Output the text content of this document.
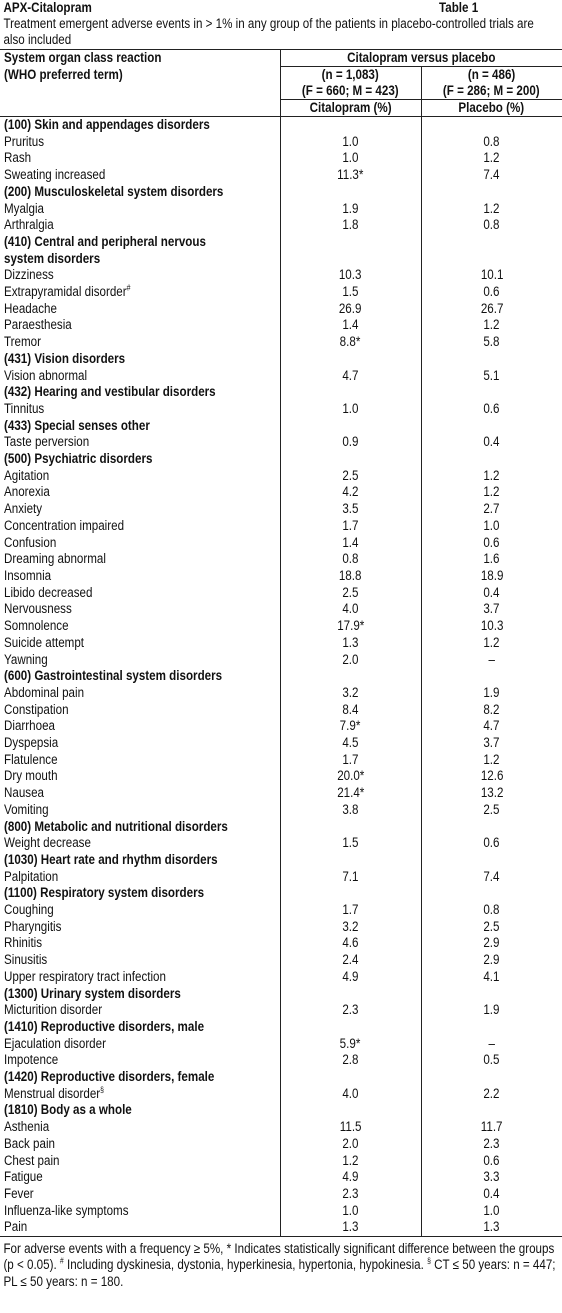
APX-Citalopram	Table 1
Treatment emergent adverse events in > 1% in any group of the patients in placebo-controlled trials are also included
System organ class reaction	Citalopram versus placebo	
(WHO preferred term)	(n = 1,083)	(n = 486)
	(F = 660; M = 423)	(F = 286; M = 200)
	Citalopram (%)	Placebo (%)
(100) Skin and appendages disorders		
Pruritus	1.0	0.8
Rash	1.0	1.2
Sweating increased	11.3*	7.4
(200) Musculoskeletal system disorders		
Myalgia	1.9	1.2
Arthralgia	1.8	0.8
(410) Central and peripheral nervous		
system disorders		
Dizziness	10.3	10.1
Extrapyramidal disorder#	1.5	0.6
Headache	26.9	26.7
Paraesthesia	1.4	1.2
Tremor	8.8*	5.8
(431) Vision disorders		
Vision abnormal	4.7	5.1
(432) Hearing and vestibular disorders		
Tinnitus	1.0	0.6
(433) Special senses other		
Taste perversion	0.9	0.4
(500) Psychiatric disorders		
Agitation	2.5	1.2
Anorexia	4.2	1.2
Anxiety	3.5	2.7
Concentration impaired	1.7	1.0
Confusion	1.4	0.6
Dreaming abnormal	0.8	1.6
Insomnia	18.8	18.9
Libido decreased	2.5	0.4
Nervousness	4.0	3.7
Somnolence	17.9*	10.3
Suicide attempt	1.3	1.2
Yawning	2.0	–
(600) Gastrointestinal system disorders		
Abdominal pain	3.2	1.9
Constipation	8.4	8.2
Diarrhoea	7.9*	4.7
Dyspepsia	4.5	3.7
Flatulence	1.7	1.2
Dry mouth	20.0*	12.6
Nausea	21.4*	13.2
Vomiting	3.8	2.5
(800) Metabolic and nutritional disorders		
Weight decrease	1.5	0.6
(1030) Heart rate and rhythm disorders		
Palpitation	7.1	7.4
(1100) Respiratory system disorders		
Coughing	1.7	0.8
Pharyngitis	3.2	2.5
Rhinitis	4.6	2.9
Sinusitis	2.4	2.9
Upper respiratory tract infection	4.9	4.1
(1300) Urinary system disorders		
Micturition disorder	2.3	1.9
(1410) Reproductive disorders, male		
Ejaculation disorder	5.9*	–
Impotence	2.8	0.5
(1420) Reproductive disorders, female		
Menstrual disorder§	4.0	2.2
(1810) Body as a whole		
Asthenia	11.5	11.7
Back pain	2.0	2.3
Chest pain	1.2	0.6
Fatigue	4.9	3.3
Fever	2.3	0.4
Influenza-like symptoms	1.0	1.0
Pain	1.3	1.3
For adverse events with a frequency ≥ 5%, * Indicates statistically significant difference between the groups (p < 0.05). # Including dyskinesia, dystonia, hyperkinesia, hypertonia, hypokinesia. § CT ≤ 50 years: n = 447; PL ≤ 50 years: n = 180.
